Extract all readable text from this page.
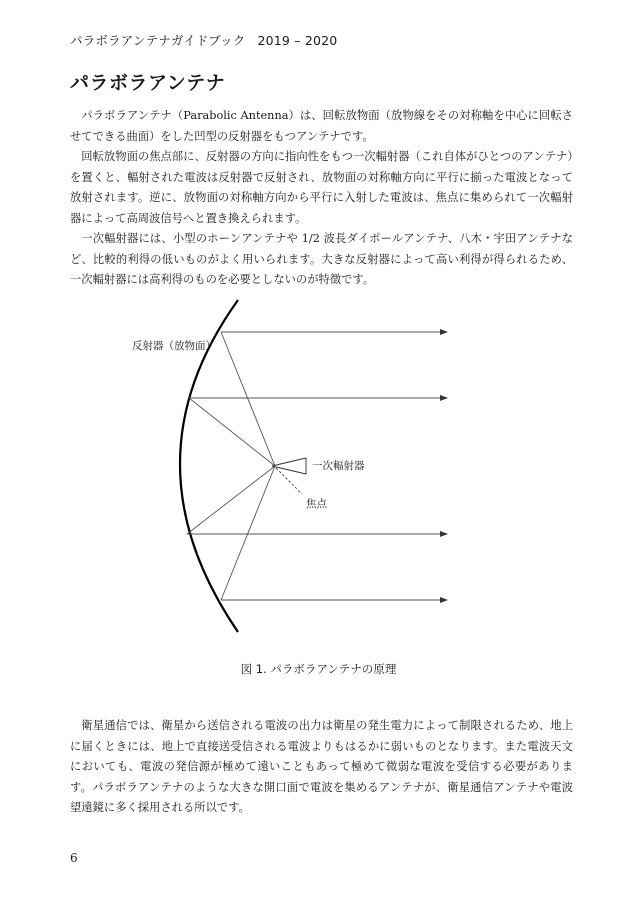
パラボラアンテナガイドブック 2019 – 2020
パラボラアンテナ

パラボラアンテナ（Parabolic Antenna）は、回転放物面（放物線をその対称軸を中心に回転させてできる曲面）をした凹型の反射器をもつアンテナです。

回転放物面の焦点部に、反射器の方向に指向性をもつ一次輻射器（これ自体がひとつのアンテナ）を置くと、輻射された電波は反射器で反射され、放物面の対称軸方向に平行に揃った電波となって放射されます。逆に、放物面の対称軸方向から平行に入射した電波は、焦点に集められて一次輻射器によって高周波信号へと置き換えられます。

一次輻射器には、小型のホーンアンテナや 1/2 波長ダイポールアンテナ、八木・宇田アンテナなど、比較的利得の低いものがよく用いられます。大きな反射器によって高い利得が得られるため、一次輻射器には高利得のものを必要としないのが特徴です。

反射器（放物面）
一次輻射器
焦点

図 1. パラボラアンテナの原理

衛星通信では、衛星から送信される電波の出力は衛星の発生電力によって制限されるため、地上に届くときには、地上で直接送受信される電波よりもはるかに弱いものとなります。また電波天文においても、電波の発信源が極めて遠いこともあって極めて微弱な電波を受信する必要があります。パラボラアンテナのような大きな開口面で電波を集めるアンテナが、衛星通信アンテナや電波望遠鏡に多く採用される所以です。

6
